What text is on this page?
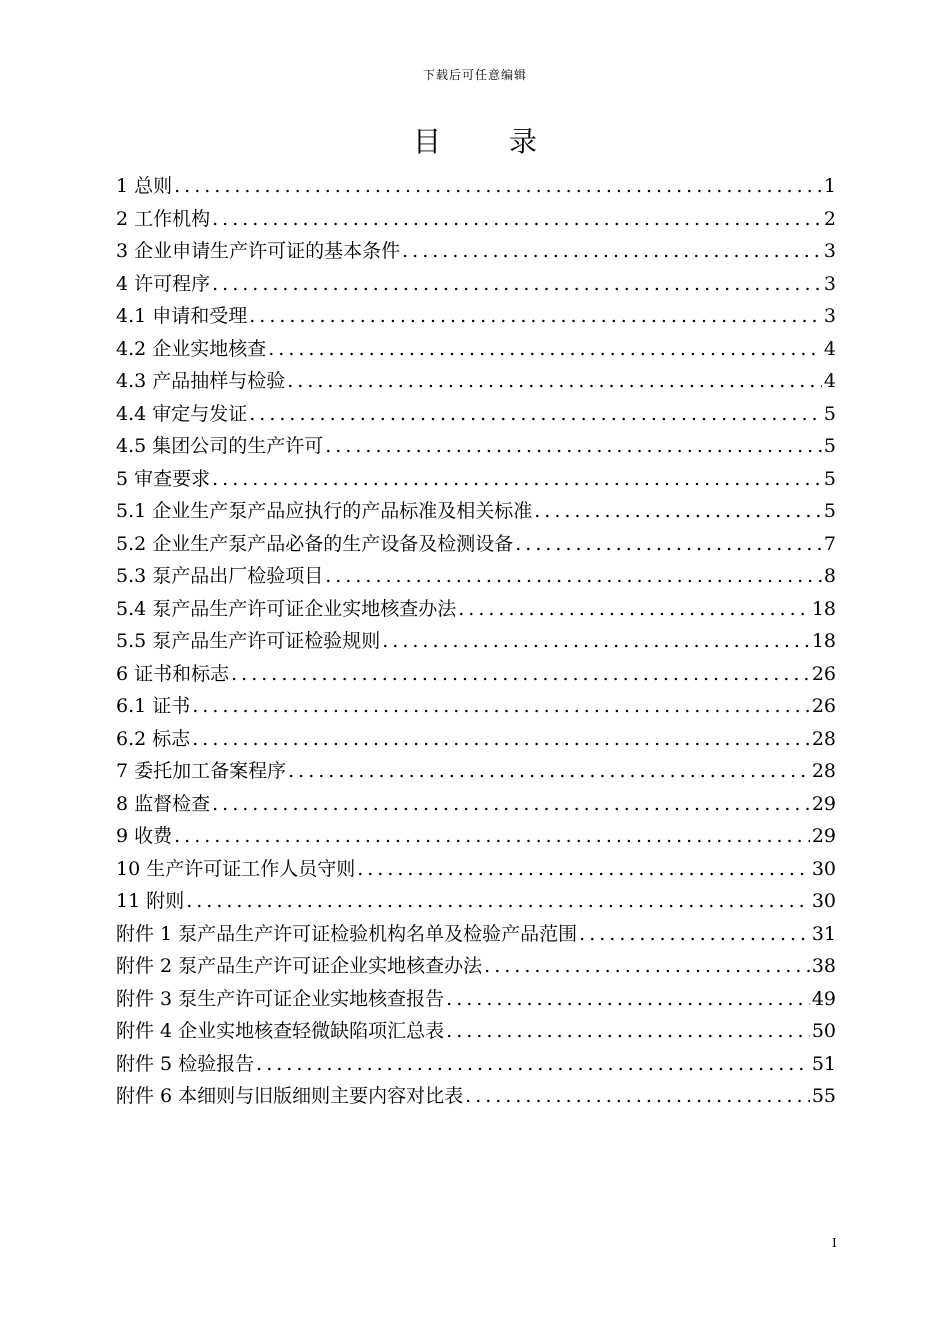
下载后可任意编辑
目 录
1 总则 .....	1
2 工作机构 .....	2
3 企业申请生产许可证的基本条件 .....	3
4 许可程序 .....	3
4.1 申请和受理 .....	3
4.2 企业实地核查 .....	4
4.3 产品抽样与检验 .....	4
4.4 审定与发证 .....	5
4.5 集团公司的生产许可 .....	5
5 审查要求 .....	5
5.1 企业生产泵产品应执行的产品标准及相关标准 .....	5
5.2 企业生产泵产品必备的生产设备及检测设备 .....	7
5.3 泵产品出厂检验项目 .....	8
5.4 泵产品生产许可证企业实地核查办法 .....	18
5.5 泵产品生产许可证检验规则 .....	18
6 证书和标志 .....	26
6.1 证书 .....	26
6.2 标志 .....	28
7 委托加工备案程序 .....	28
8 监督检查 .....	29
9 收费 .....	29
10 生产许可证工作人员守则 .....	30
11 附则 .....	30
附件 1 泵产品生产许可证检验机构名单及检验产品范围 .....	31
附件 2 泵产品生产许可证企业实地核查办法 .....	38
附件 3 泵生产许可证企业实地核查报告 .....	49
附件 4 企业实地核查轻微缺陷项汇总表 .....	50
附件 5 检验报告 .....	51
附件 6 本细则与旧版细则主要内容对比表 .....	55
I
